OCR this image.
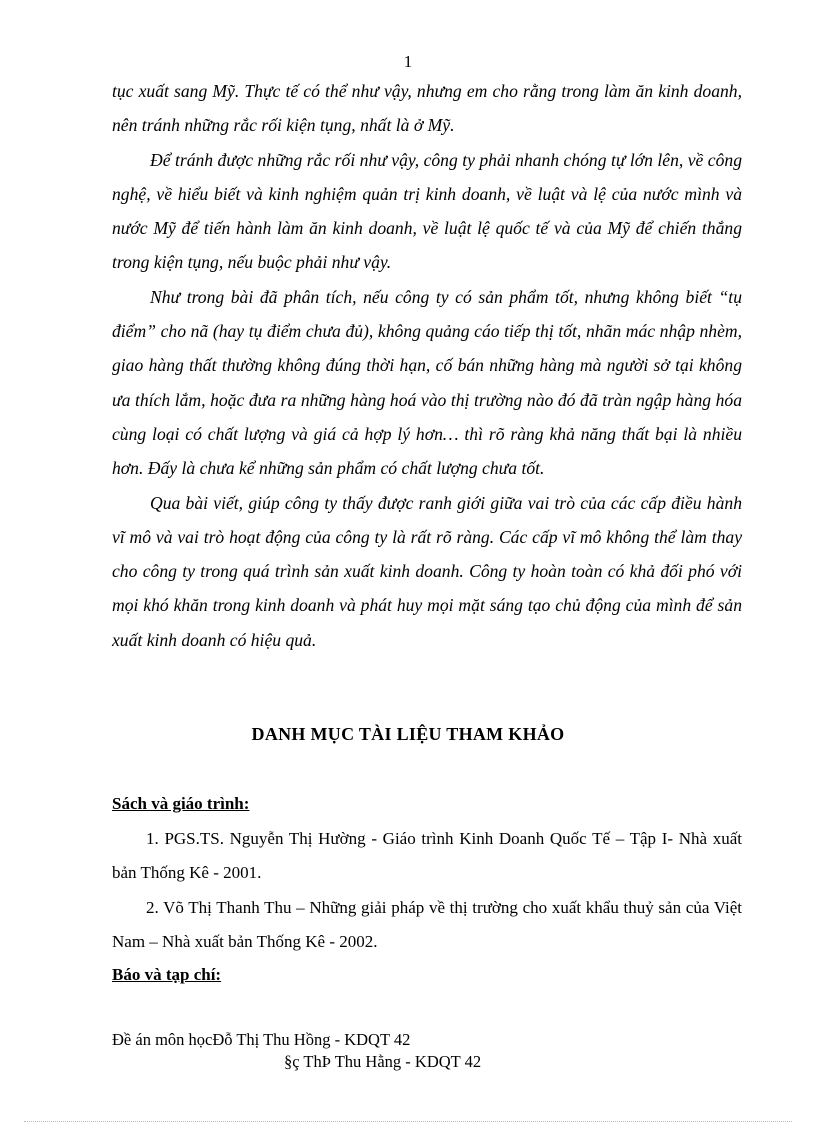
1

tục xuất sang Mỹ. Thực tế có thể như vậy, nhưng em cho rằng trong làm ăn kinh doanh, nên tránh những rắc rối kiện tụng, nhất là ở Mỹ.

Để tránh được những rắc rối như vậy, công ty phải nhanh chóng tự lớn lên, về công nghệ, về hiểu biết và kinh nghiệm quản trị kinh doanh, về luật và lệ của nước mình và nước Mỹ để tiến hành làm ăn kinh doanh, về luật lệ quốc tế và của Mỹ để chiến thắng trong kiện tụng, nếu buộc phải như vậy.

Như trong bài đã phân tích, nếu công ty có sản phẩm tốt, nhưng không biết “tụ điểm” cho nã (hay tụ điểm chưa đủ), không quảng cáo tiếp thị tốt, nhãn mác nhập nhèm, giao hàng thất thường không đúng thời hạn, cố bán những hàng mà người sở tại không ưa thích lắm, hoặc đưa ra những hàng hoá vào thị trường nào đó đã tràn ngập hàng hóa cùng loại có chất lượng và giá cả hợp lý hơn… thì rõ ràng khả năng thất bại là nhiều hơn. Đấy là chưa kể những sản phẩm có chất lượng chưa tốt.

Qua bài viết, giúp công ty thấy được ranh giới giữa vai trò của các cấp điều hành vĩ mô và vai trò hoạt động của công ty là rất rõ ràng. Các cấp vĩ mô không thể làm thay cho công ty trong quá trình sản xuất kinh doanh. Công ty hoàn toàn có khả đối phó với mọi khó khăn trong kinh doanh và phát huy mọi mặt sáng tạo chủ động của mình để sản xuất kinh doanh có hiệu quả.

DANH MỤC TÀI LIỆU THAM KHẢO
Sách và giáo trình:

1. PGS.TS. Nguyễn Thị Hường - Giáo trình Kinh Doanh Quốc Tế – Tập I- Nhà xuất bản Thống Kê - 2001.

2. Võ Thị Thanh Thu – Những giải pháp về thị trường cho xuất khẩu thuỷ sản của Việt Nam – Nhà xuất bản Thống Kê - 2002.

Báo và tạp chí:
Đề án môn họcĐỗ Thị Thu Hồng - KDQT 42
§ç ThÞ Thu Hằng - KDQT 42
